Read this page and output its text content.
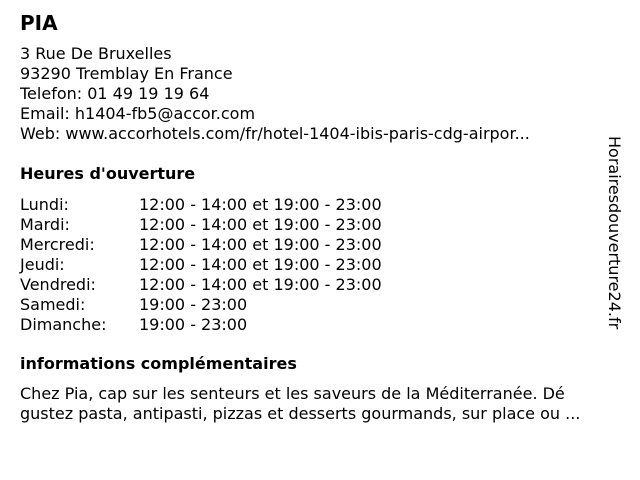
PIA
3 Rue De Bruxelles
93290 Tremblay En France
Telefon: 01 49 19 19 64
Email: h1404-fb5@accor.com
Web: www.accorhotels.com/fr/hotel-1404-ibis-paris-cdg-airpor...
Heures d'ouverture
Lundi:	12:00 - 14:00 et 19:00 - 23:00
Mardi:	12:00 - 14:00 et 19:00 - 23:00
Mercredi:	12:00 - 14:00 et 19:00 - 23:00
Jeudi:	12:00 - 14:00 et 19:00 - 23:00
Vendredi:	12:00 - 14:00 et 19:00 - 23:00
Samedi:	19:00 - 23:00
Dimanche: 19:00 - 23:00
informations complémentaires
Chez Pia, cap sur les senteurs et les saveurs de la Méditerranée. Dé
gustez pasta, antipasti, pizzas et desserts gourmands, sur place ou ...
Horairesdouverture24.fr
